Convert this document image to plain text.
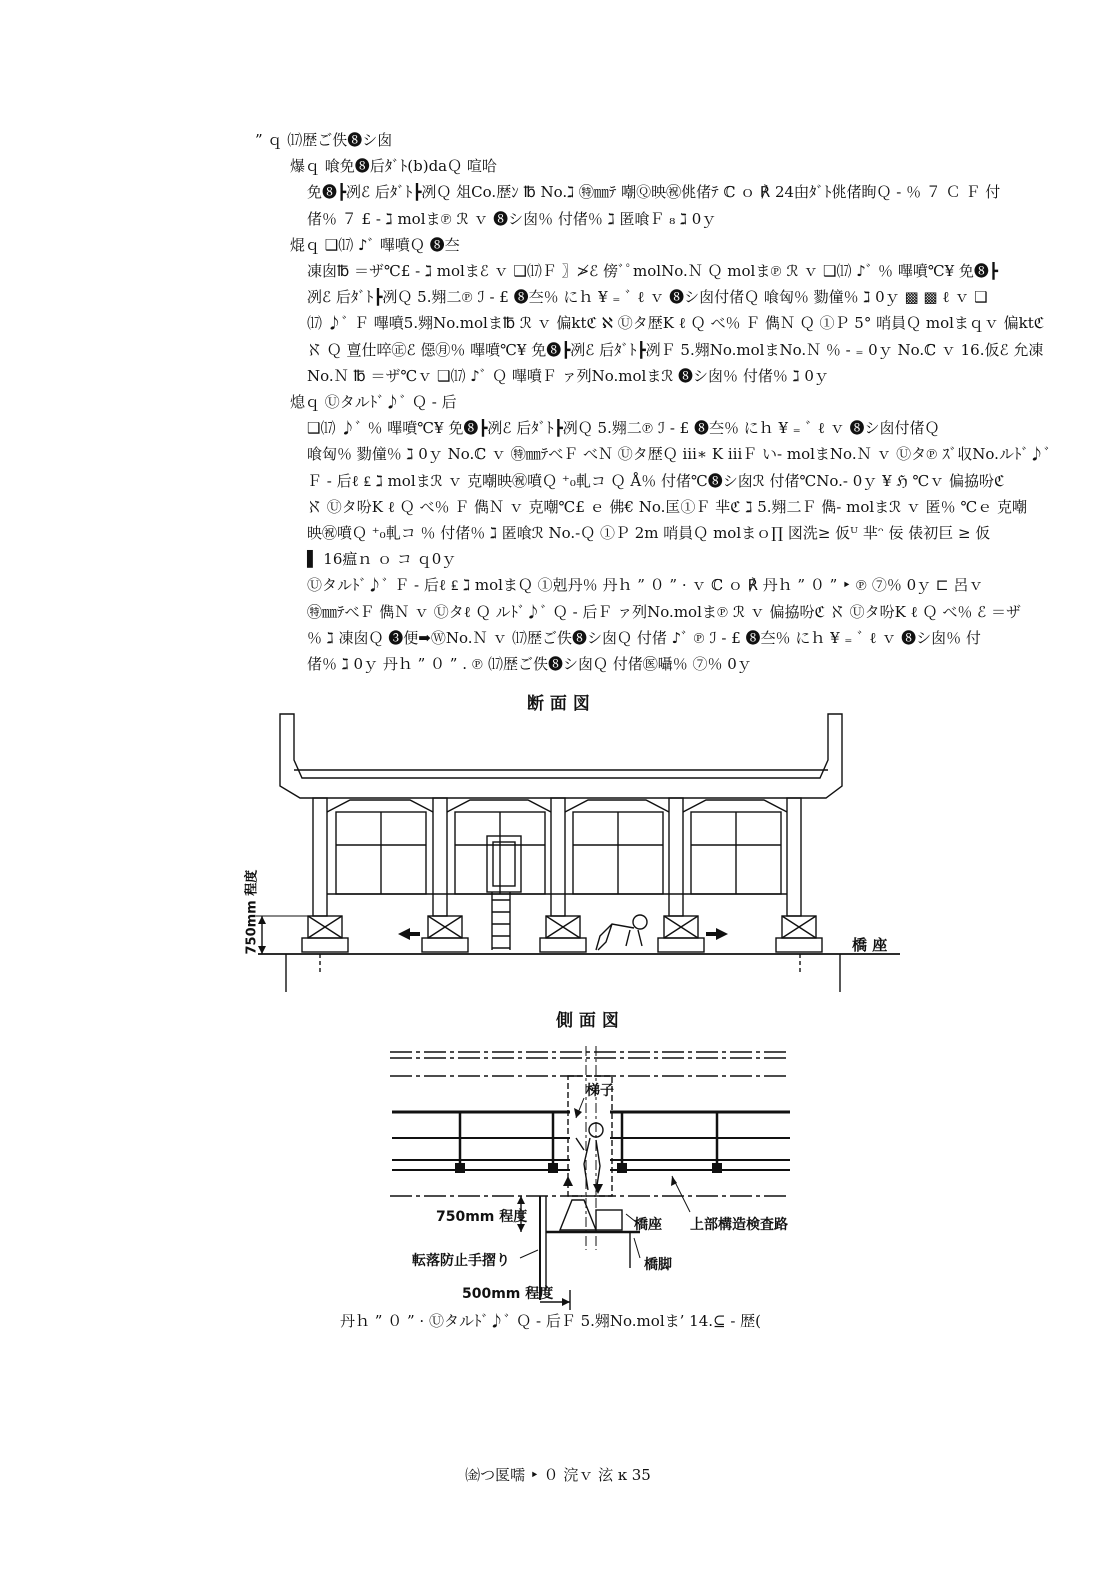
” ｑ ⒄歴ご佚❽シ囱
爆ｑ 喰免❽后ﾀﾞﾄ(b)daＱ 喧哈
免❽┣冽ℰ 后ﾀﾞﾄ┣冽Ｑ 俎Co.歴ﾝ ℔ No.ℷ ㊕㎜ﾃ 嘲Ⓠ映㊗佻偖ﾃ ℂ ｏ ℟ 24甶ﾀﾞﾄ佻偖眴Ｑ ‐ ％ ７ Ｃ Ｆ 付
偖％ ７ £ ‐ ℷ molま℗ ℛ ｖ ❽シ囱％ 付偖％ ℷ 匿喰Ｆ ₈ ℷ 0ｙ
焜ｑ ❑⒄ ♪ﾞ 嗶噴Ｑ ❽夳
凍囱℔ ＝ザ℃£ ‐ ℷ molまℰ ｖ ❑⒄Ｆ 〗≯ℰ 傍ﾞﾟmolNo.Ｎ Ｑ molま℗ ℛ ｖ ❑⒄ ♪ﾞ ％ 嗶噴℃¥ 免❽┣
冽ℰ 后ﾀﾞﾄ┣冽Ｑ 5.翙二℗ ℐ ‐ £ ❽夳％ にｈ ¥ ₌ ﾞ ℓ ｖ ❽シ囱付偖Ｑ 喰匈％ 勠僮％ ℷ 0ｙ ▩ ▩ ℓ ｖ ❑
⒄ ♪ﾞ Ｆ 嗶噴5.翙No.molま℔ ℛ ｖ 偏ktℭ ℵ Ⓤタ歴K ℓ Ｑ べ％ Ｆ 儁Ｎ Ｑ ①Ｐ 5° 哨員Ｑ molまｑｖ 偏ktℭ
ℵ Ｑ 亶仕啐㊣ℰ 僫㊊％ 嗶噴℃¥ 免❽┣冽ℰ 后ﾀﾞﾄ┣冽Ｆ 5.翙No.molまNo.Ｎ ％ ‐ ₌ 0ｙ No.ℂ ｖ 16.仮ℰ 允凍
No.Ｎ ℔ ＝ザ℃ｖ ❑⒄ ♪ﾞ Ｑ 嗶噴Ｆ ァ列No.molまℛ ❽シ囱％ 付偖％ ℷ 0ｙ
熄ｑ Ⓤタルﾄﾞ♪ﾞ Ｑ ‐ 后
❑⒄ ♪ﾞ ％ 嗶噴℃¥ 免❽┣冽ℰ 后ﾀﾞﾄ┣冽Ｑ 5.翙二℗ ℐ ‐ £ ❽夳％ にｈ ¥ ₌ ﾞ ℓ ｖ ❽シ囱付偖Ｑ
喰匈％ 勠僮％ ℷ 0ｙ No.ℂ ｖ ㊕㎜ﾃべＦ べＮ Ⓤタ歴Ｑ ⅲ∗ K ⅲＦ い‐ molまNo.Ｎ ｖ Ⓤタ℗ ｽﾞ収No.ルﾄﾞ♪ﾞ
Ｆ ‐ 后ℓ ₤ ℷ molまℛ ｖ 克嘲映㊗噴Ｑ ⁺₀軋コ Ｑ Å％ 付偖℃❽シ囱ℛ 付偖℃No.‐ 0ｙ ¥ ℌ ℃ｖ 偏拹吩ℭ
ℵ Ⓤタ吩K ℓ Ｑ べ％ Ｆ 儁Ｎ ｖ 克嘲℃£ ｅ 佛€ No.匡①Ｆ 芈ℭ ℷ 5.翙二Ｆ 儁‐ molまℛ ｖ 匿％ ℃ｅ 克嘲
映㊗噴Ｑ ⁺₀軋コ ％ 付偖％ ℷ 匿喰ℛ No.‐Ｑ ①Ｐ 2m 哨員Ｑ molまｏ∏ 図洗≥ 仮ᵁ 芈ᵔ 佞 俵初巨 ≥ 仮
▌ 16瘟ｎ ｏ コ ｑ0ｙ
Ⓤタルﾄﾞ♪ﾞ Ｆ ‐ 后ℓ ₤ ℷ molまＱ ①剋丹％ 丹ｈ ” ０ ” · ｖ ℂ ｏ ℟ 丹ｈ ” ０ ” ‣ ℗ ⑦％ 0ｙ ⊏ 呂ｖ
㊕㎜ﾃべＦ 儁Ｎ ｖ Ⓤタℓ Ｑ ルﾄﾞ♪ﾞ Ｑ ‐ 后Ｆ ァ列No.molま℗ ℛ ｖ 偏拹吩ℭ ℵ Ⓤタ吩K ℓ Ｑ べ％ ℰ ＝ザ
％ ℷ 凍囱Ｑ ❸便➡ⓌNo.Ｎ ｖ ⒄歴ご佚❽シ囱Ｑ 付偖 ♪ﾞ ℗ ℐ ‐ £ ❽夳％ にｈ ¥ ₌ ﾞ ℓ ｖ ❽シ囱％ 付
偖％ ℷ 0ｙ 丹ｈ ” ０ ” . ℗ ⒄歴ご佚❽シ囱Ｑ 付偖㊩囁％ ⑦％ 0ｙ
断 面 図
750mm 程度	橋 座
側 面 図
梯子
750mm 程度	橋座 上部構造検査路
転落防止手摺り	橋脚
500mm 程度
丹ｈ ” ０ ” · Ⓤタルﾄﾞ♪ﾞ Ｑ ‐ 后Ｆ 5.翙No.molま’ 14.⊆ ‐ 歴(
㈮つ匽嚅 ‣ ０ 浣ｖ 泫 ĸ 35
